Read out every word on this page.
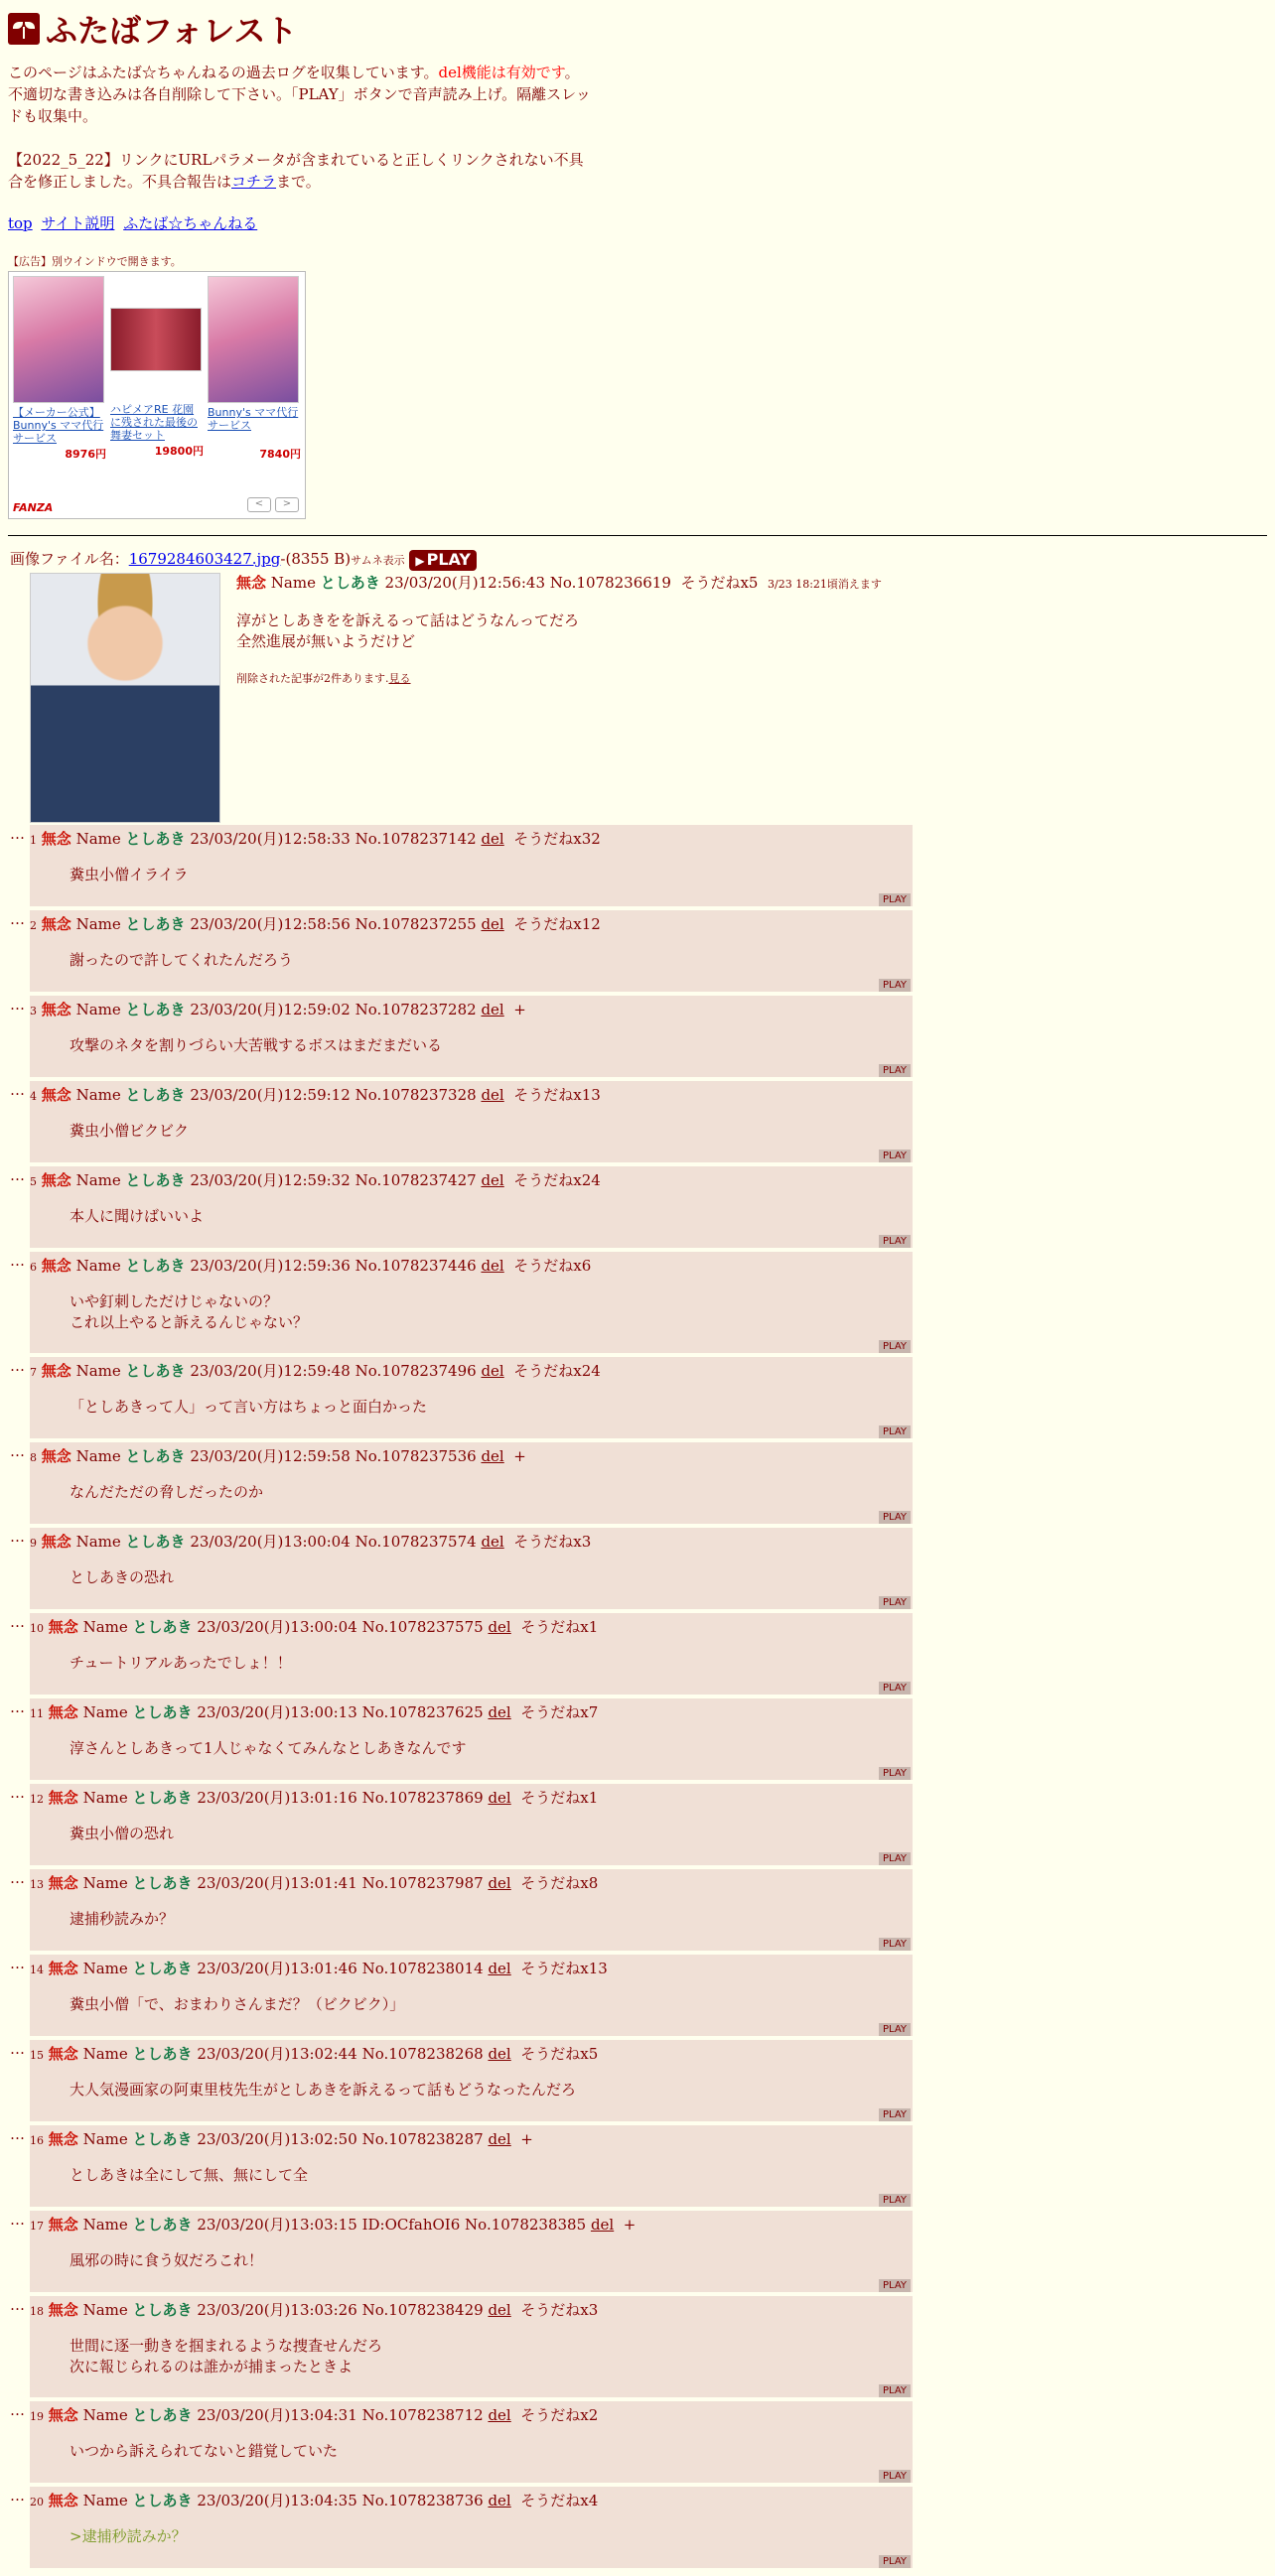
ふたばフォレスト

このページはふたば☆ちゃんねるの過去ログを収集しています。del機能は有効です。不適切な書き込みは各自削除して下さい。「PLAY」ボタンで音声読み上げ。隔離スレッドも収集中。

【2022_5_22】リンクにURLパラメータが含まれていると正しくリンクされない不具合を修正しました。不具合報告はコチラまで。

top サイト説明 ふたば☆ちゃんねる
【広告】別ウインドウで開きます。
【メーカー公式】Bunny's ママ代行サービス
8976円
ハピメアRE 花園に残された最後の舞妻セット
19800円
Bunny's ママ代行サービス
7840円
FANZA	<	>
画像ファイル名：1679284603427.jpg-(8355 B)サムネ表示 ▶ PLAY
無念 Name としあき 23/03/20(月)12:56:43 No.1078236619 そうだねx5 3/23 18:21頃消えます
淳がとしあきをを訴えるって話はどうなんってだろ
全然進展が無いようだけど
削除された記事が2件あります.見る
… 1 無念 Name としあき 23/03/20(月)12:58:33 No.1078237142 del そうだねx32
糞虫小僧イライラ
PLAY
… 2 無念 Name としあき 23/03/20(月)12:58:56 No.1078237255 del そうだねx12
謝ったので許してくれたんだろう
PLAY
… 3 無念 Name としあき 23/03/20(月)12:59:02 No.1078237282 del +
攻撃のネタを割りづらい大苦戦するボスはまだまだいる
PLAY
… 4 無念 Name としあき 23/03/20(月)12:59:12 No.1078237328 del そうだねx13
糞虫小僧ビクビク
PLAY
… 5 無念 Name としあき 23/03/20(月)12:59:32 No.1078237427 del そうだねx24
本人に聞けばいいよ
PLAY
… 6 無念 Name としあき 23/03/20(月)12:59:36 No.1078237446 del そうだねx6
いや釘刺しただけじゃないの？
これ以上やると訴えるんじゃない？
PLAY
… 7 無念 Name としあき 23/03/20(月)12:59:48 No.1078237496 del そうだねx24
「としあきって人」って言い方はちょっと面白かった
PLAY
… 8 無念 Name としあき 23/03/20(月)12:59:58 No.1078237536 del +
なんだただの脅しだったのか
PLAY
… 9 無念 Name としあき 23/03/20(月)13:00:04 No.1078237574 del そうだねx3
としあきの恐れ
PLAY
… 10 無念 Name としあき 23/03/20(月)13:00:04 No.1078237575 del そうだねx1
チュートリアルあったでしょ！！
PLAY
… 11 無念 Name としあき 23/03/20(月)13:00:13 No.1078237625 del そうだねx7
淳さんとしあきって1人じゃなくてみんなとしあきなんです
PLAY
… 12 無念 Name としあき 23/03/20(月)13:01:16 No.1078237869 del そうだねx1
糞虫小僧の恐れ
PLAY
… 13 無念 Name としあき 23/03/20(月)13:01:41 No.1078237987 del そうだねx8
逮捕秒読みか？
PLAY
… 14 無念 Name としあき 23/03/20(月)13:01:46 No.1078238014 del そうだねx13
糞虫小僧「で、おまわりさんまだ？（ビクビク）」
PLAY
… 15 無念 Name としあき 23/03/20(月)13:02:44 No.1078238268 del そうだねx5
大人気漫画家の阿東里枝先生がとしあきを訴えるって話もどうなったんだろ
PLAY
… 16 無念 Name としあき 23/03/20(月)13:02:50 No.1078238287 del +
としあきは全にして無、無にして全
PLAY
… 17 無念 Name としあき 23/03/20(月)13:03:15 ID:OCfahOI6 No.1078238385 del +
風邪の時に食う奴だろこれ！
PLAY
… 18 無念 Name としあき 23/03/20(月)13:03:26 No.1078238429 del そうだねx3
世間に逐一動きを掴まれるような捜査せんだろ
次に報じられるのは誰かが捕まったときよ
PLAY
… 19 無念 Name としあき 23/03/20(月)13:04:31 No.1078238712 del そうだねx2
いつから訴えられてないと錯覚していた
PLAY
… 20 無念 Name としあき 23/03/20(月)13:04:35 No.1078238736 del そうだねx4
>逮捕秒読みか？
PLAY
